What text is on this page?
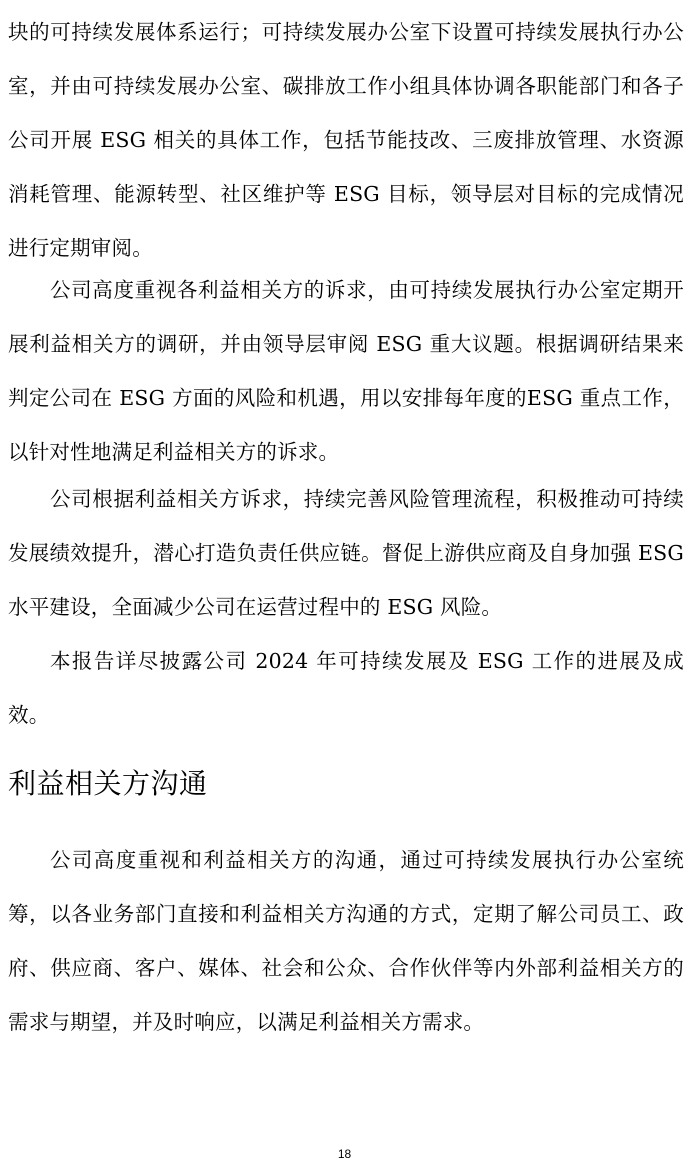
块的可持续发展体系运行；可持续发展办公室下设置可持续发展执行办公室，并由可持续发展办公室、碳排放工作小组具体协调各职能部门和各子公司开展 ESG 相关的具体工作，包括节能技改、三废排放管理、水资源消耗管理、能源转型、社区维护等 ESG 目标，领导层对目标的完成情况进行定期审阅。

公司高度重视各利益相关方的诉求，由可持续发展执行办公室定期开展利益相关方的调研，并由领导层审阅 ESG 重大议题。根据调研结果来判定公司在 ESG 方面的风险和机遇，用以安排每年度的ESG 重点工作，以针对性地满足利益相关方的诉求。

公司根据利益相关方诉求，持续完善风险管理流程，积极推动可持续发展绩效提升，潜心打造负责任供应链。督促上游供应商及自身加强 ESG 水平建设，全面减少公司在运营过程中的 ESG 风险。

本报告详尽披露公司 2024 年可持续发展及 ESG 工作的进展及成效。

利益相关方沟通

公司高度重视和利益相关方的沟通，通过可持续发展执行办公室统筹，以各业务部门直接和利益相关方沟通的方式，定期了解公司员工、政府、供应商、客户、媒体、社会和公众、合作伙伴等内外部利益相关方的需求与期望，并及时响应，以满足利益相关方需求。

18
